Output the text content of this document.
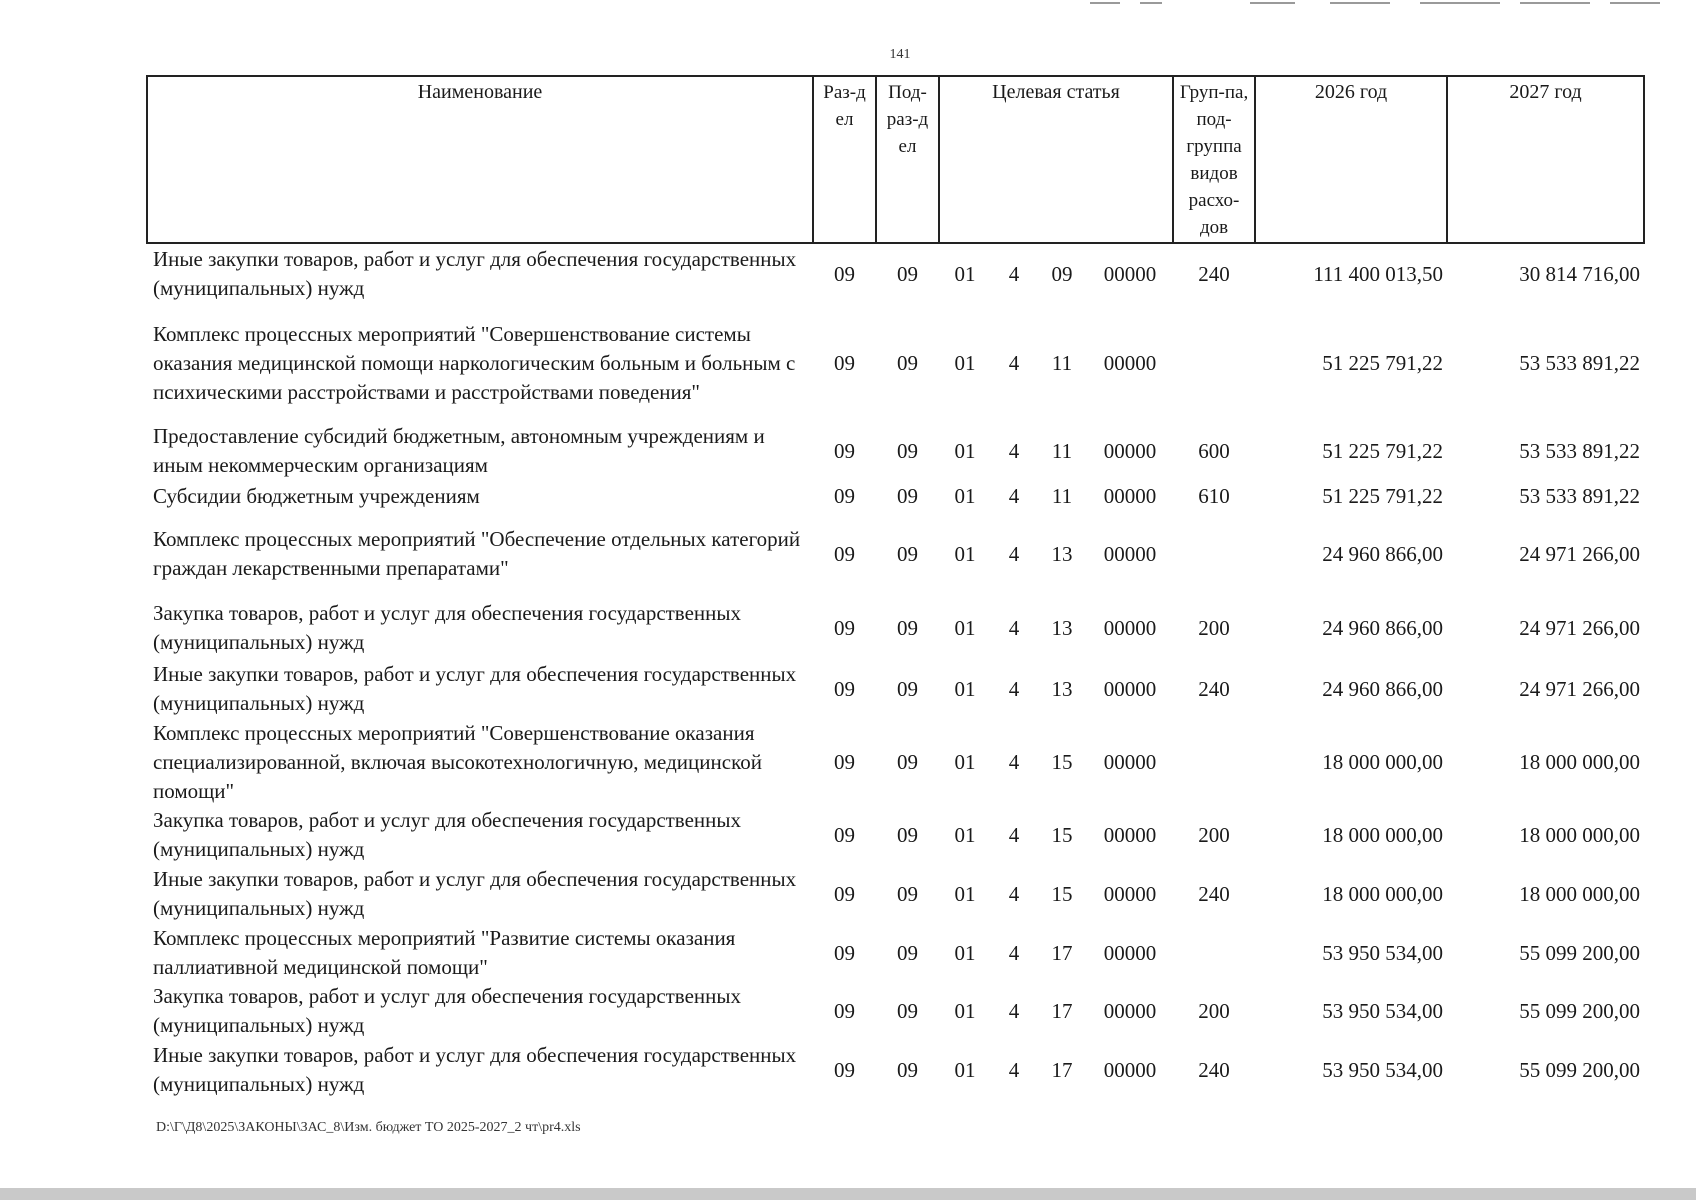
141
Наименование	Раз-дел	Под-раз-дел	Целевая статья				Груп-па, под-группа видов расхо-дов	2026 год	2027 год
Иные закупки товаров, работ и услуг для обеспечения государственных (муниципальных) нужд	09	09	01	4	09	00000	240	111 400 013,50	30 814 716,00
Комплекс процессных мероприятий "Совершенствование системы оказания медицинской помощи наркологическим больным и больным с психическими расстройствами и расстройствами поведения"	09	09	01	4	11	00000		51 225 791,22	53 533 891,22
Предоставление субсидий бюджетным, автономным учреждениям и иным некоммерческим организациям	09	09	01	4	11	00000	600	51 225 791,22	53 533 891,22
Субсидии бюджетным учреждениям	09	09	01	4	11	00000	610	51 225 791,22	53 533 891,22
Комплекс процессных мероприятий "Обеспечение отдельных категорий граждан лекарственными препаратами"	09	09	01	4	13	00000		24 960 866,00	24 971 266,00
Закупка товаров, работ и услуг для обеспечения государственных (муниципальных) нужд	09	09	01	4	13	00000	200	24 960 866,00	24 971 266,00
Иные закупки товаров, работ и услуг для обеспечения государственных (муниципальных) нужд	09	09	01	4	13	00000	240	24 960 866,00	24 971 266,00
Комплекс процессных мероприятий "Совершенствование оказания специализированной, включая высокотехнологичную, медицинской помощи"	09	09	01	4	15	00000		18 000 000,00	18 000 000,00
Закупка товаров, работ и услуг для обеспечения государственных (муниципальных) нужд	09	09	01	4	15	00000	200	18 000 000,00	18 000 000,00
Иные закупки товаров, работ и услуг для обеспечения государственных (муниципальных) нужд	09	09	01	4	15	00000	240	18 000 000,00	18 000 000,00
Комплекс процессных мероприятий "Развитие системы оказания паллиативной медицинской помощи"	09	09	01	4	17	00000		53 950 534,00	55 099 200,00
Закупка товаров, работ и услуг для обеспечения государственных (муниципальных) нужд	09	09	01	4	17	00000	200	53 950 534,00	55 099 200,00
Иные закупки товаров, работ и услуг для обеспечения государственных (муниципальных) нужд	09	09	01	4	17	00000	240	53 950 534,00	55 099 200,00
D:\Г\Д8\2025\ЗАКОНЫ\ЗАС_8\Изм. бюджет ТО 2025-2027_2 чт\pr4.xls
